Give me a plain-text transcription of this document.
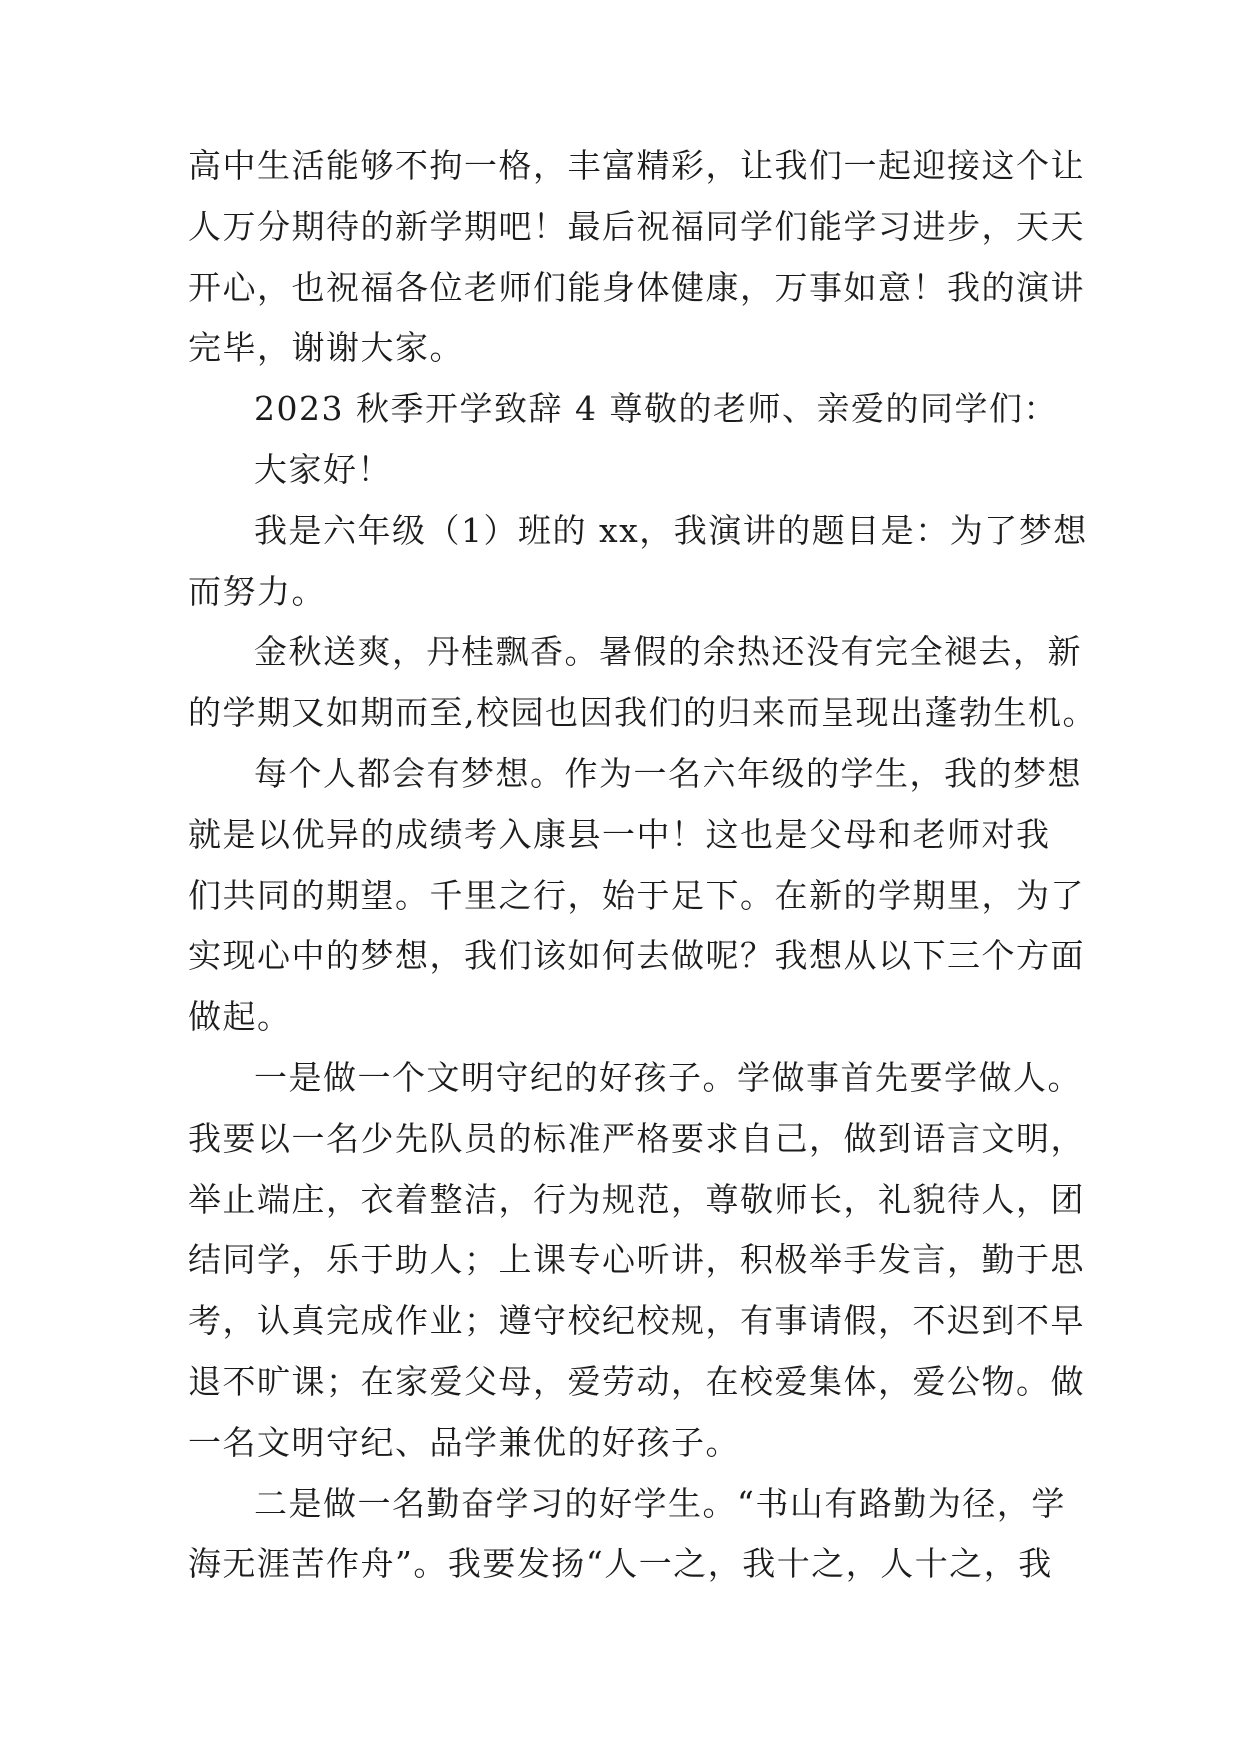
高中生活能够不拘一格，丰富精彩，让我们一起迎接这个让
人万分期待的新学期吧！最后祝福同学们能学习进步，天天
开心，也祝福各位老师们能身体健康，万事如意！我的演讲
完毕，谢谢大家。

2023 秋季开学致辞 4 尊敬的老师、亲爱的同学们：

大家好！

我是六年级（1）班的 xx，我演讲的题目是：为了梦想
而努力。

金秋送爽，丹桂飘香。暑假的余热还没有完全褪去，新
的学期又如期而至,校园也因我们的归来而呈现出蓬勃生机。

每个人都会有梦想。作为一名六年级的学生，我的梦想
就是以优异的成绩考入康县一中！这也是父母和老师对我
们共同的期望。千里之行，始于足下。在新的学期里，为了
实现心中的梦想，我们该如何去做呢？我想从以下三个方面
做起。

一是做一个文明守纪的好孩子。学做事首先要学做人。
我要以一名少先队员的标准严格要求自己，做到语言文明，
举止端庄，衣着整洁，行为规范，尊敬师长，礼貌待人，团
结同学，乐于助人；上课专心听讲，积极举手发言，勤于思
考，认真完成作业；遵守校纪校规，有事请假，不迟到不早
退不旷课；在家爱父母，爱劳动，在校爱集体，爱公物。做
一名文明守纪、品学兼优的好孩子。

二是做一名勤奋学习的好学生。“书山有路勤为径，学
海无涯苦作舟”。我要发扬“人一之，我十之，人十之，我
